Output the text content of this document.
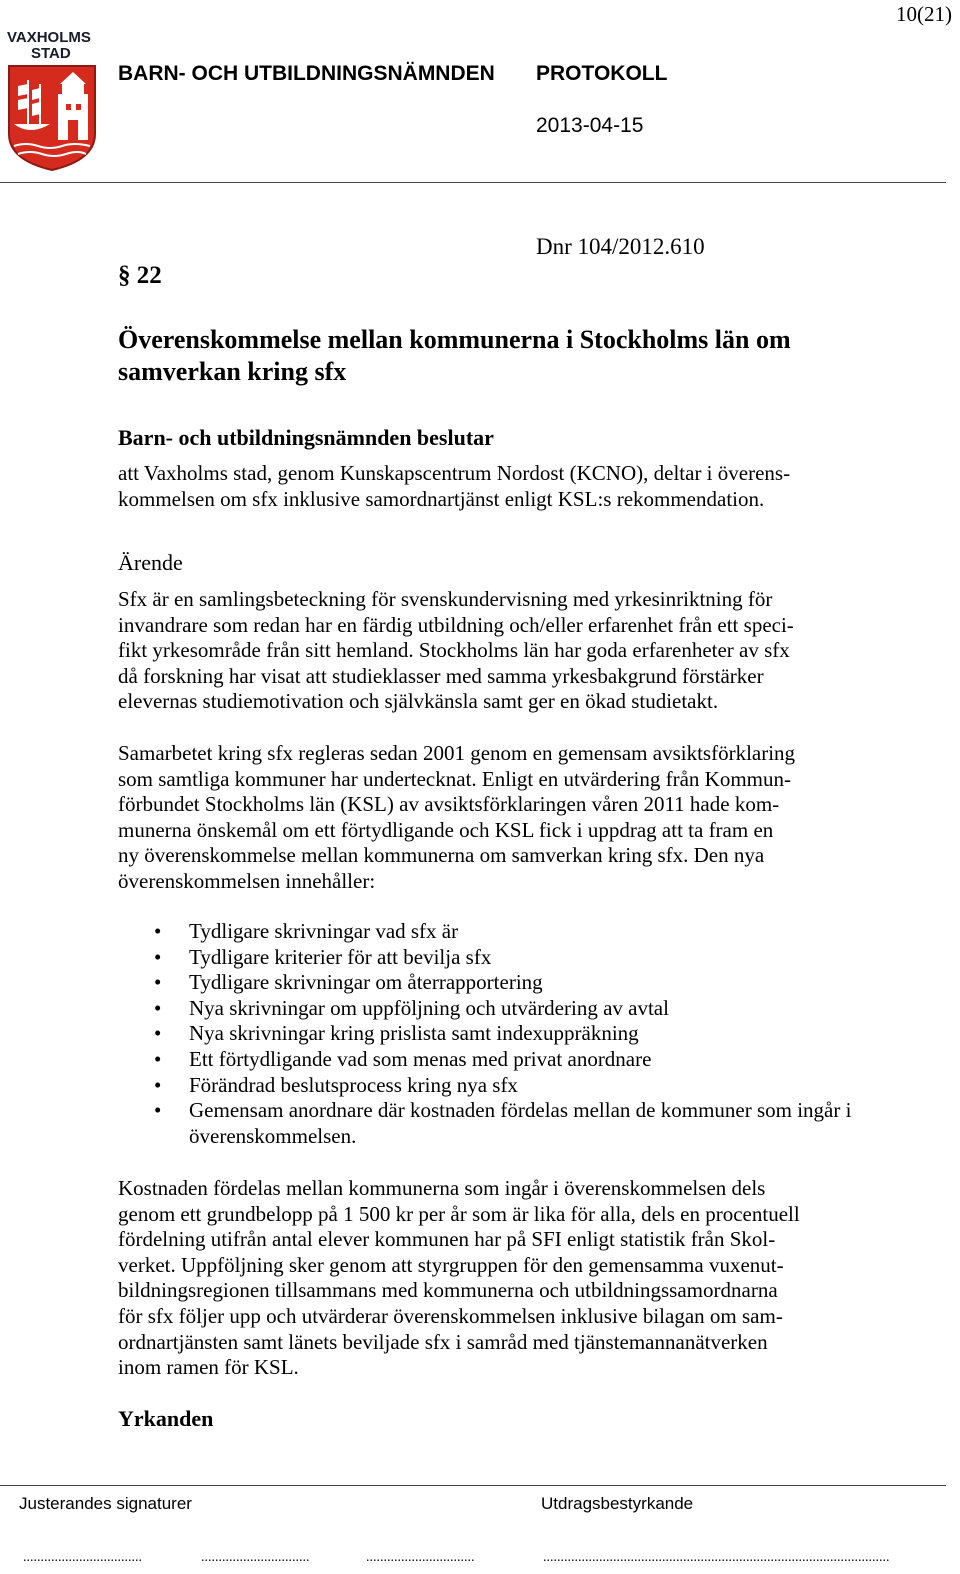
10(21)
VAXHOLMS
STAD
BARN- OCH UTBILDNINGSNÄMNDEN PROTOKOLL
2013-04-15
Dnr 104/2012.610
§ 22
Överenskommelse mellan kommunerna i Stockholms län om samverkan kring sfx
Barn- och utbildningsnämnden beslutar
att Vaxholms stad, genom Kunskapscentrum Nordost (KCNO), deltar i överens-
kommelsen om sfx inklusive samordnartjänst enligt KSL:s rekommendation.
Ärende
Sfx är en samlingsbeteckning för svenskundervisning med yrkesinriktning för
invandrare som redan har en färdig utbildning och/eller erfarenhet från ett speci-
fikt yrkesområde från sitt hemland. Stockholms län har goda erfarenheter av sfx
då forskning har visat att studieklasser med samma yrkesbakgrund förstärker
elevernas studiemotivation och självkänsla samt ger en ökad studietakt.
Samarbetet kring sfx regleras sedan 2001 genom en gemensam avsiktsförklaring
som samtliga kommuner har undertecknat. Enligt en utvärdering från Kommun-
förbundet Stockholms län (KSL) av avsiktsförklaringen våren 2011 hade kom-
munerna önskemål om ett förtydligande och KSL fick i uppdrag att ta fram en
ny överenskommelse mellan kommunerna om samverkan kring sfx. Den nya
överenskommelsen innehåller:
• Tydligare skrivningar vad sfx är
• Tydligare kriterier för att bevilja sfx
• Tydligare skrivningar om återrapportering
• Nya skrivningar om uppföljning och utvärdering av avtal
• Nya skrivningar kring prislista samt indexuppräkning
• Ett förtydligande vad som menas med privat anordnare
• Förändrad beslutsprocess kring nya sfx
• Gemensam anordnare där kostnaden fördelas mellan de kommuner som ingår i överenskommelsen.
Kostnaden fördelas mellan kommunerna som ingår i överenskommelsen dels
genom ett grundbelopp på 1 500 kr per år som är lika för alla, dels en procentuell
fördelning utifrån antal elever kommunen har på SFI enligt statistik från Skol-
verket. Uppföljning sker genom att styrgruppen för den gemensamma vuxenut-
bildningsregionen tillsammans med kommunerna och utbildningssamordnarna
för sfx följer upp och utvärderar överenskommelsen inklusive bilagan om sam-
ordnartjänsten samt länets beviljade sfx i samråd med tjänstemannanätverken
inom ramen för KSL.
Yrkanden
Justerandes signaturer	Utdragsbestyrkande
..................................	...............................	...............................	...................................................................................................
